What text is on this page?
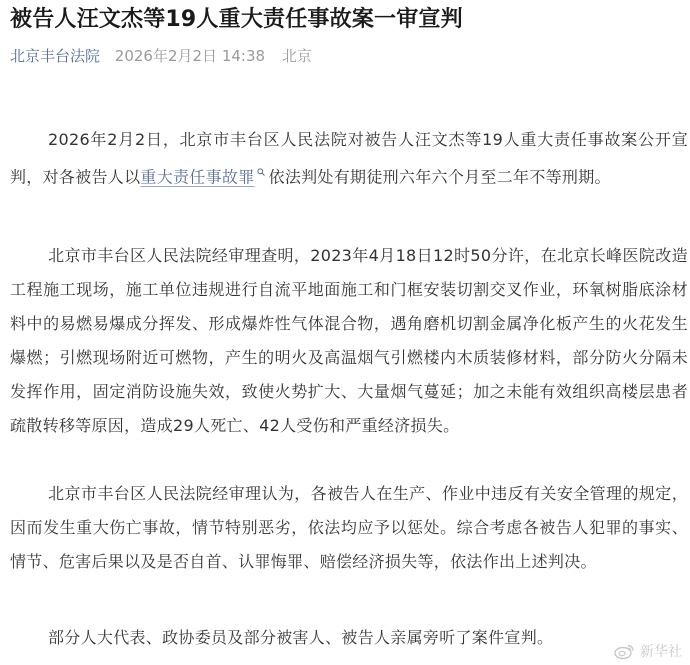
被告人汪文杰等19人重大责任事故案一审宣判
北京丰台法院 2026年2月2日 14:38 北京

2026年2月2日，北京市丰台区人民法院对被告人汪文杰等19人重大责任事故案公开宣判，对各被告人以重大责任事故罪 依法判处有期徒刑六年六个月至二年不等刑期。

北京市丰台区人民法院经审理查明，2023年4月18日12时50分许，在北京长峰医院改造工程施工现场，施工单位违规进行自流平地面施工和门框安装切割交叉作业，环氧树脂底涂材料中的易燃易爆成分挥发、形成爆炸性气体混合物，遇角磨机切割金属净化板产生的火花发生爆燃；引燃现场附近可燃物，产生的明火及高温烟气引燃楼内木质装修材料，部分防火分隔未发挥作用，固定消防设施失效，致使火势扩大、大量烟气蔓延；加之未能有效组织高楼层患者疏散转移等原因，造成29人死亡、42人受伤和严重经济损失。

北京市丰台区人民法院经审理认为，各被告人在生产、作业中违反有关安全管理的规定，因而发生重大伤亡事故，情节特别恶劣，依法均应予以惩处。综合考虑各被告人犯罪的事实、情节、危害后果以及是否自首、认罪悔罪、赔偿经济损失等，依法作出上述判决。

部分人大代表、政协委员及部分被害人、被告人亲属旁听了案件宣判。

新华社
